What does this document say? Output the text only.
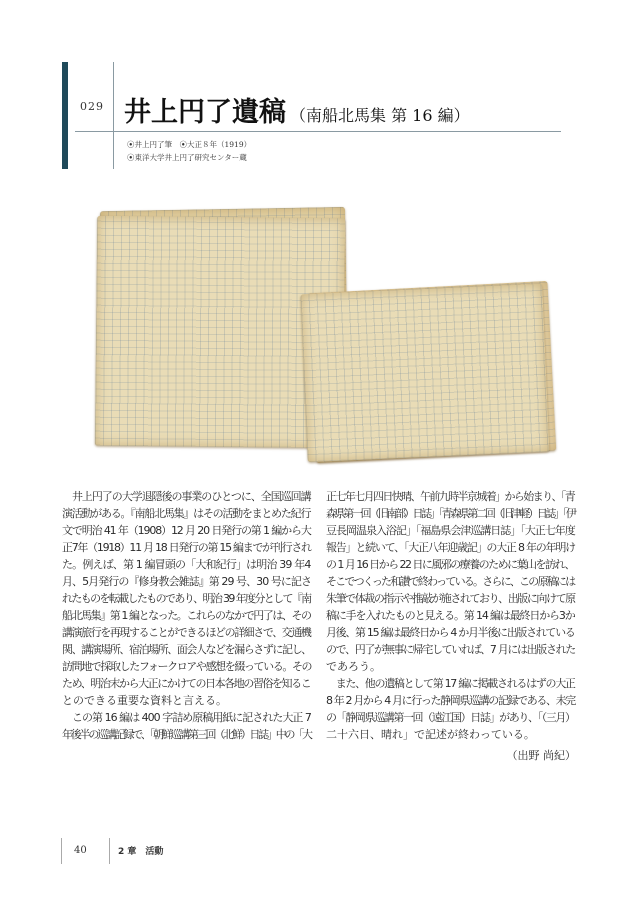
029 井上円了遺稿 （南船北馬集 第 16 編）
⦿井上円了筆　⦿大正８年（1919）
⦿東洋大学井上円了研究センター蔵
　井上円了の大学退隠後の事業のひとつに、全国巡回講
演活動がある。『南船北馬集』はその活動をまとめた紀行
文で明治 41 年（1908）12 月 20 日発行の第 1 編から大
正7年（1918）11 月 18 日発行の第 15 編までが刊行され
た。例えば、第 1 編冒頭の「大和紀行」は明治 39 年4
月、5月発行の『修身教会雑誌』第 29 号、30 号に記さ
れたものを転載したものであり、明治 39 年度分として『南
船北馬集』第 1 編となった。これらのなかで円了は、その
講演旅行を再現することができるほどの詳細さで、交通機
関、講演場所、宿泊場所、面会人などを漏らさずに記し、
訪問地で採取したフォークロアや感想を綴っている。その
ため、明治末から大正にかけての日本各地の習俗を知るこ
とのできる重要な資料と言える。
　この第 16 編は 400 字詰め原稿用紙に記された大正 7
年後半の巡講記録で、「朝鮮巡講第三回（北鮮）日誌」中の「大
正七年七月四日快晴、午前九時半京城着」から始まり、「青
森県第一回（旧南部）日誌」「青森県第二回（旧津軽）日誌」「伊
豆長岡温泉入浴記」「福島県会津巡講日誌」「大正七年度
報告」と続いて、「大正八年迎歳記」の大正 8 年の年明け
の 1 月 16 日から 22 日に風邪の療養のために葉山を訪れ、
そこでつくった和讃で終わっている。さらに、この原稿には
朱筆で体裁の指示や推敲が施されており、出版に向けて原
稿に手を入れたものと見える。第 14 編は最終日から3か
月後、第 15 編は最終日から 4 か月半後に出版されている
ので、円了が無事に帰宅していれば、7 月には出版された
であろう。
　また、他の遺稿として第 17 編に掲載されるはずの大正
8 年 2 月から 4 月に行った静岡県巡講の記録である、未完
の「静岡県巡講第一回（遠江国）日誌」があり、「（三月）
二十六日、晴れ」で記述が終わっている。
（出野 尚紀）
40	2 章　活動
